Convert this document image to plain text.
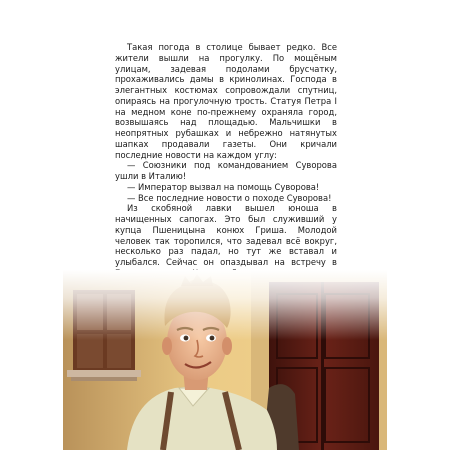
Такая погода в столице бывает редко. Все жители вышли на прогулку. По мощёным улицам, задевая подолами брусчатку, прохаживались дамы в кринолинах. Господа в элегантных костюмах сопровождали спутниц, опираясь на прогулочную трость. Статуя Петра I на медном коне по-прежнему охраняла город, возвышаясь над площадью. Мальчишки в неопрятных рубашках и небрежно натянутых шапках продавали газеты. Они кричали последние новости на каждом углу:

— Союзники под командованием Суворова ушли в Италию!

— Император вызвал на помощь Суворова!

— Все последние новости о походе Суворова!

Из скобяной лавки вышел юноша в начищенных сапогах. Это был служивший у купца Пшеницына конюх Гриша. Молодой человек так торопился, что задевал всё вокруг, несколько раз падал, но тут же вставал и улыбался. Сейчас он опаздывал на встречу в
